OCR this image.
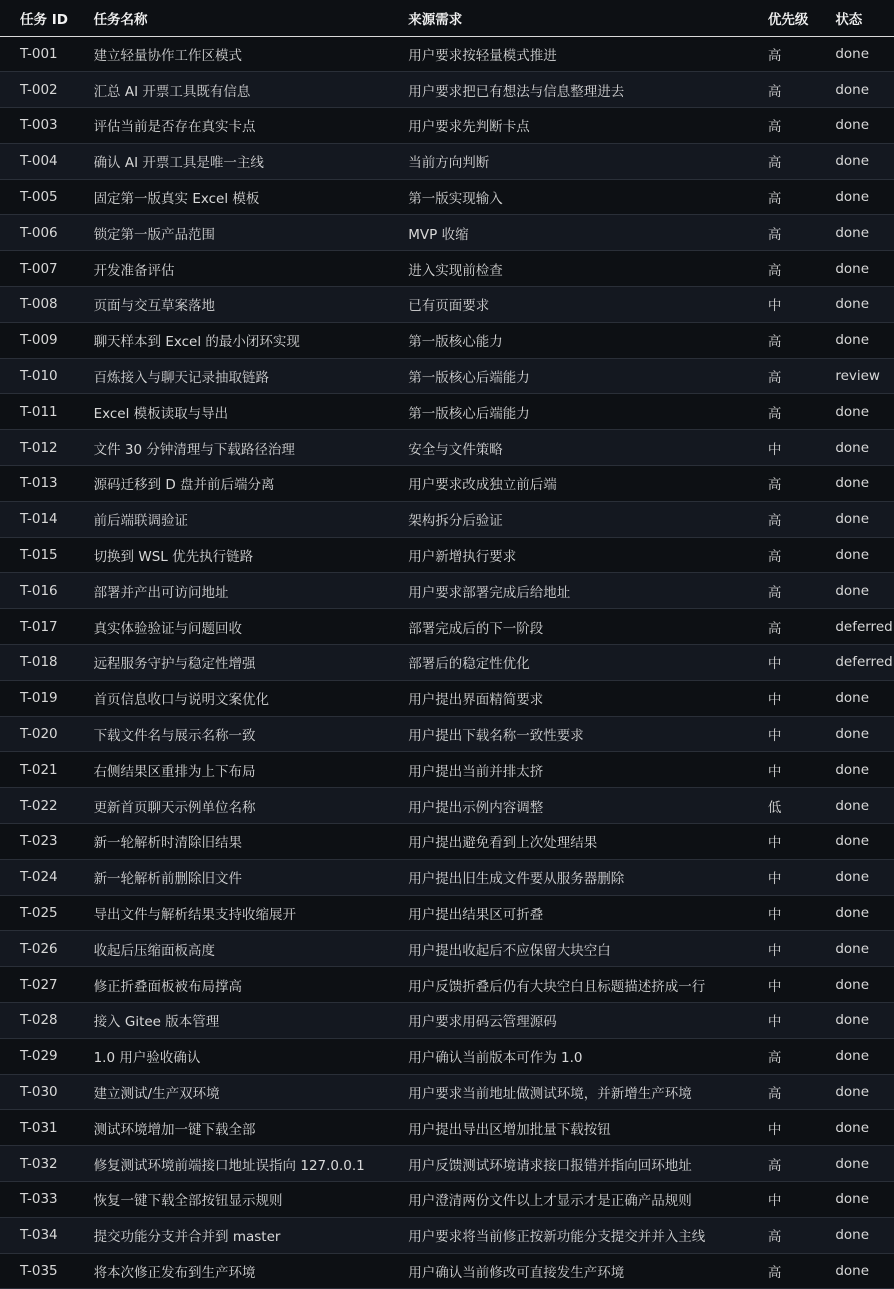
任务 ID	任务名称	来源需求	优先级	状态
T-001	建立轻量协作工作区模式	用户要求按轻量模式推进	高	done
T-002	汇总 AI 开票工具既有信息	用户要求把已有想法与信息整理进去	高	done
T-003	评估当前是否存在真实卡点	用户要求先判断卡点	高	done
T-004	确认 AI 开票工具是唯一主线	当前方向判断	高	done
T-005	固定第一版真实 Excel 模板	第一版实现输入	高	done
T-006	锁定第一版产品范围	MVP 收缩	高	done
T-007	开发准备评估	进入实现前检查	高	done
T-008	页面与交互草案落地	已有页面要求	中	done
T-009	聊天样本到 Excel 的最小闭环实现	第一版核心能力	高	done
T-010	百炼接入与聊天记录抽取链路	第一版核心后端能力	高	review
T-011	Excel 模板读取与导出	第一版核心后端能力	高	done
T-012	文件 30 分钟清理与下载路径治理	安全与文件策略	中	done
T-013	源码迁移到 D 盘并前后端分离	用户要求改成独立前后端	高	done
T-014	前后端联调验证	架构拆分后验证	高	done
T-015	切换到 WSL 优先执行链路	用户新增执行要求	高	done
T-016	部署并产出可访问地址	用户要求部署完成后给地址	高	done
T-017	真实体验验证与问题回收	部署完成后的下一阶段	高	deferred
T-018	远程服务守护与稳定性增强	部署后的稳定性优化	中	deferred
T-019	首页信息收口与说明文案优化	用户提出界面精简要求	中	done
T-020	下载文件名与展示名称一致	用户提出下载名称一致性要求	中	done
T-021	右侧结果区重排为上下布局	用户提出当前并排太挤	中	done
T-022	更新首页聊天示例单位名称	用户提出示例内容调整	低	done
T-023	新一轮解析时清除旧结果	用户提出避免看到上次处理结果	中	done
T-024	新一轮解析前删除旧文件	用户提出旧生成文件要从服务器删除	中	done
T-025	导出文件与解析结果支持收缩展开	用户提出结果区可折叠	中	done
T-026	收起后压缩面板高度	用户提出收起后不应保留大块空白	中	done
T-027	修正折叠面板被布局撑高	用户反馈折叠后仍有大块空白且标题描述挤成一行	中	done
T-028	接入 Gitee 版本管理	用户要求用码云管理源码	中	done
T-029	1.0 用户验收确认	用户确认当前版本可作为 1.0	高	done
T-030	建立测试/生产双环境	用户要求当前地址做测试环境，并新增生产环境	高	done
T-031	测试环境增加一键下载全部	用户提出导出区增加批量下载按钮	中	done
T-032	修复测试环境前端接口地址误指向 127.0.0.1	用户反馈测试环境请求接口报错并指向回环地址	高	done
T-033	恢复一键下载全部按钮显示规则	用户澄清两份文件以上才显示才是正确产品规则	中	done
T-034	提交功能分支并合并到 master	用户要求将当前修正按新功能分支提交并并入主线	高	done
T-035	将本次修正发布到生产环境	用户确认当前修改可直接发生产环境	高	done
